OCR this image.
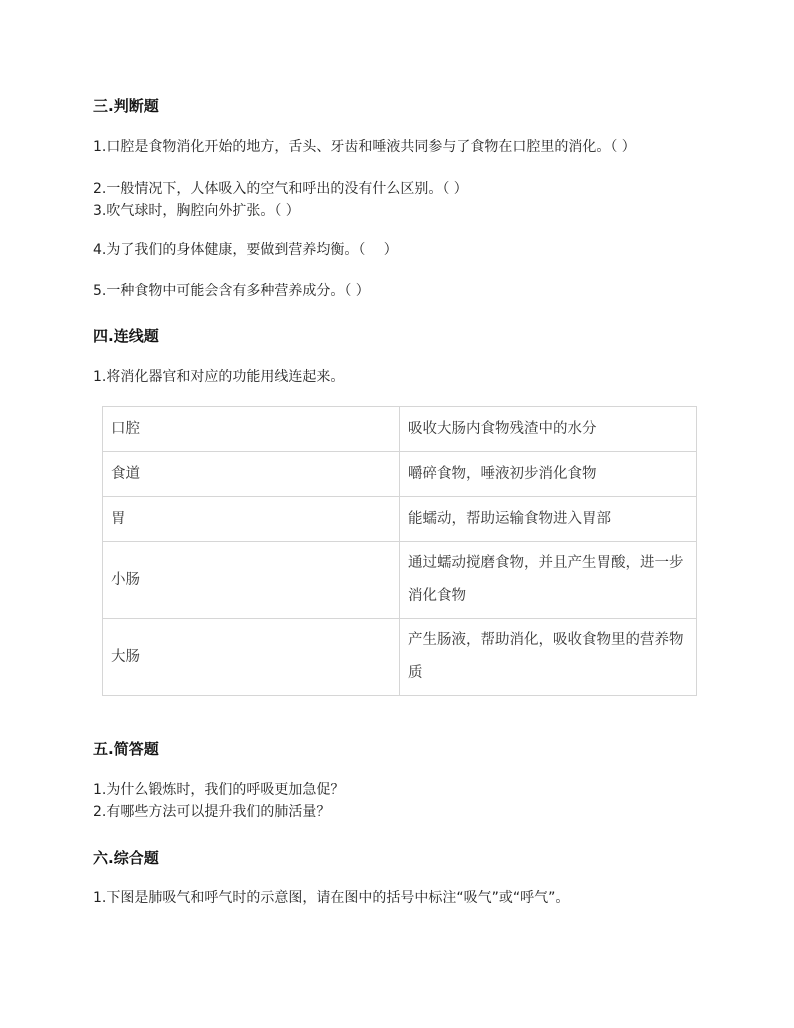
三.判断题
1.口腔是食物消化开始的地方，舌头、牙齿和唾液共同参与了食物在口腔里的消化。（ ）
2.一般情况下，人体吸入的空气和呼出的没有什么区别。（ ）
3.吹气球时，胸腔向外扩张。（ ）
4.为了我们的身体健康，要做到营养均衡。（　 ）
5.一种食物中可能会含有多种营养成分。（ ）
四.连线题
1.将消化器官和对应的功能用线连起来。
口腔	吸收大肠内食物残渣中的水分
食道	嚼碎食物，唾液初步消化食物
胃	能蠕动，帮助运输食物进入胃部
小肠	通过蠕动搅磨食物，并且产生胃酸，进一步消化食物
大肠	产生肠液，帮助消化，吸收食物里的营养物质
五.简答题
1.为什么锻炼时，我们的呼吸更加急促？
2.有哪些方法可以提升我们的肺活量？
六.综合题
1.下图是肺吸气和呼气时的示意图，请在图中的括号中标注“吸气”或“呼气”。
